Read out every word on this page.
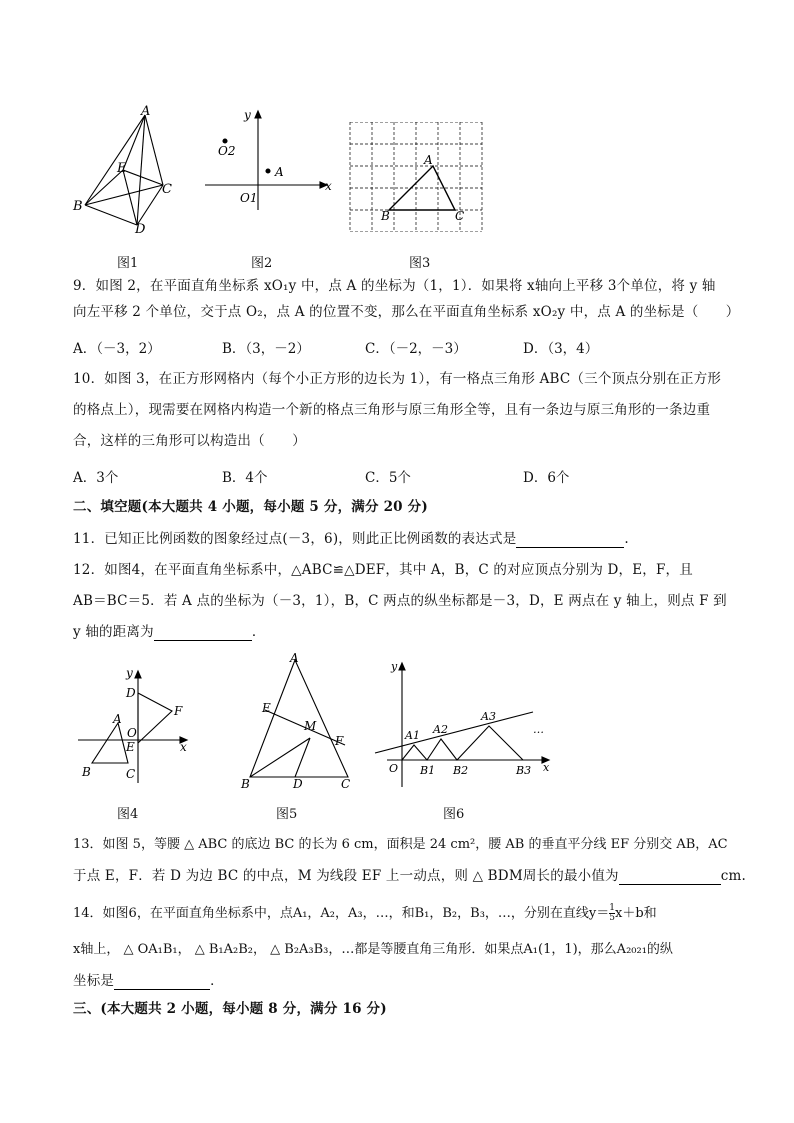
A
E
C
B
D
图1
y
O2
A
O1
x
图2
A
B	C
图3
9．如图 2，在平面直角坐标系 xO₁y 中，点 A 的坐标为（1，1）．如果将 x轴向上平移 3个单位，将 y 轴
向左平移 2 个单位，交于点 O₂，点 A 的位置不变，那么在平面直角坐标系 xO₂y 中，点 A 的坐标是（　　）
A．（－3，2）	B．（3，－2）	C．（－2，－3）	D．（3，4）
10．如图 3，在正方形网格内（每个小正方形的边长为 1），有一格点三角形 ABC（三个顶点分别在正方形
的格点上），现需要在网格内构造一个新的格点三角形与原三角形全等，且有一条边与原三角形的一条边重
合，这样的三角形可以构造出（　　）
A．3个	B．4个	C．5个	D．6个
二、填空题(本大题共 4 小题，每小题 5 分，满分 20 分)
11．已知正比例函数的图象经过点(－3，6)，则此正比例函数的表达式是	.
12．如图4，在平面直角坐标系中，△ABC≌△DEF，其中 A，B，C 的对应顶点分别为 D，E，F，且
AB＝BC＝5．若 A 点的坐标为（－3，1），B，C 两点的纵坐标都是－3，D，E 两点在 y 轴上，则点 F 到
y 轴的距离为	．
y
D
F
A
O
E	x
B	C
图4
A
E
M
F
B	D	C
图5
y
A1 A2
A3
…
O B1 B2	B3 x
图6
13．如图 5，等腰 △ ABC 的底边 BC 的长为 6 cm，面积是 24 cm²，腰 AB 的垂直平分线 EF 分别交 AB，AC
于点 E，F．若 D 为边 BC 的中点，M 为线段 EF 上一动点，则 △ BDM周长的最小值为	cm.
14．如图6，在平面直角坐标系中，点A₁，A₂，A₃，…，和B₁，B₂，B₃，…，分别在直线$y= \frac{1}{5} x+b$和
x轴上， △ OA₁B₁， △ B₁A₂B₂， △ B₂A₃B₃，…都是等腰直角三角形．如果点A₁(1，1)，那么A₂₀₂₁的纵
坐标是	．
三、(本大题共 2 小题，每小题 8 分，满分 16 分)
